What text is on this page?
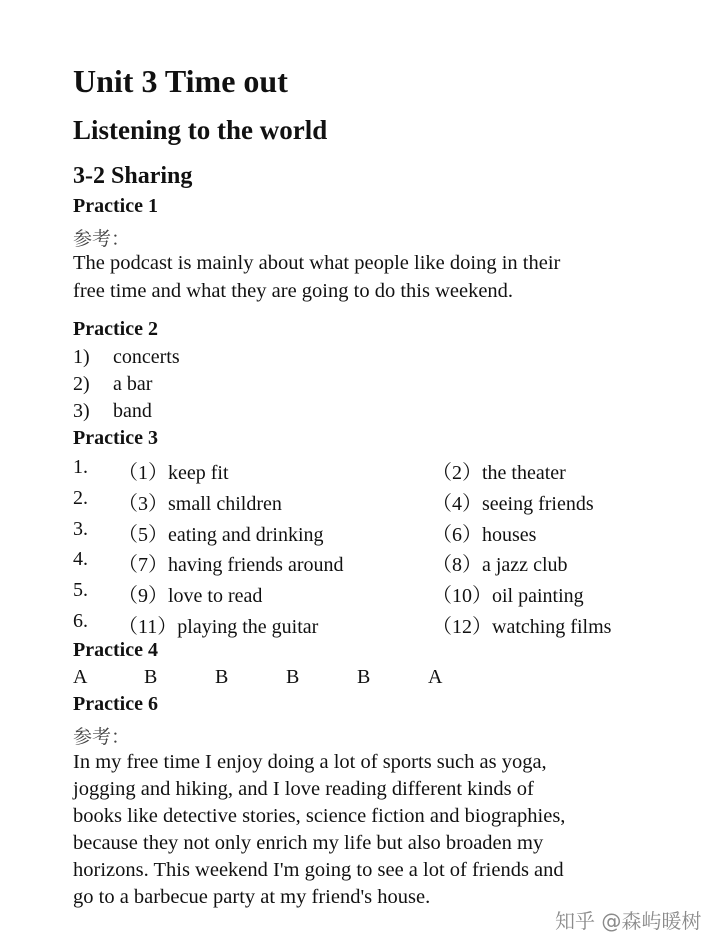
Unit 3 Time out
Listening to the world
3-2 Sharing
Practice 1
参考：
The podcast is mainly about what people like doing in their
free time and what they are going to do this weekend.
Practice 2
1) concerts
2) a bar
3) band
Practice 3
1. （1）keep fit	（2）the theater
2. （3）small children	（4）seeing friends
3. （5）eating and drinking	（6）houses
4. （7）having friends around	（8）a jazz club
5. （9）love to read	（10）oil painting
6. （11）playing the guitar	（12）watching films
Practice 4
A	B	B	B	B	A
Practice 6
参考：
In my free time I enjoy doing a lot of sports such as yoga,
jogging and hiking, and I love reading different kinds of
books like detective stories, science fiction and biographies,
because they not only enrich my life but also broaden my
horizons. This weekend I'm going to see a lot of friends and
go to a barbecue party at my friend's house.
知乎 @森屿暖树
